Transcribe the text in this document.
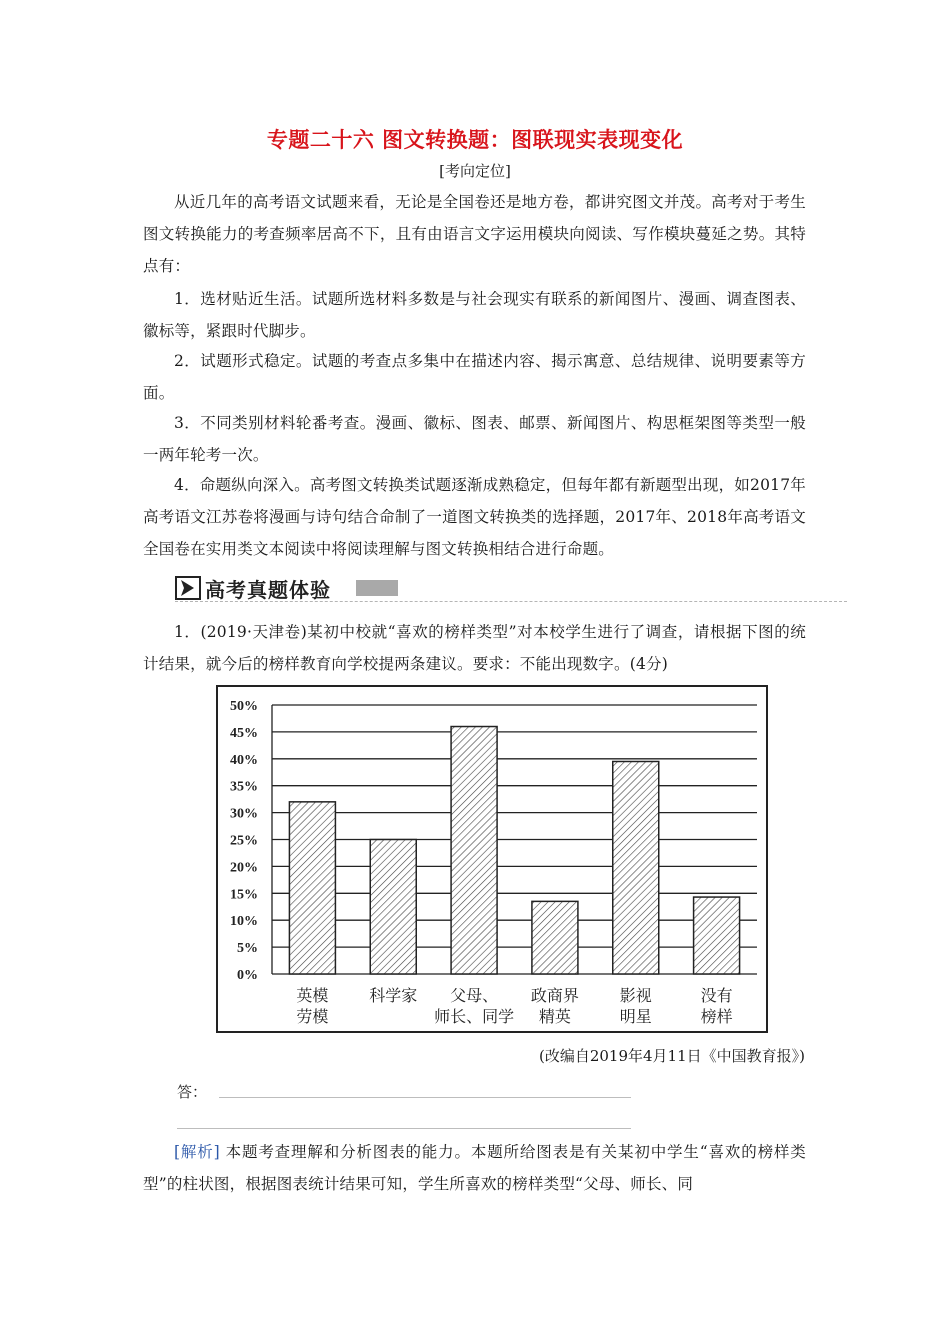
专题二十六 图文转换题：图联现实表现变化
[考向定位]

从近几年的高考语文试题来看，无论是全国卷还是地方卷，都讲究图文并茂。高考对于考生图文转换能力的考查频率居高不下，且有由语言文字运用模块向阅读、写作模块蔓延之势。其特点有：

1．选材贴近生活。试题所选材料多数是与社会现实有联系的新闻图片、漫画、调查图表、徽标等，紧跟时代脚步。

2．试题形式稳定。试题的考查点多集中在描述内容、揭示寓意、总结规律、说明要素等方面。

3．不同类别材料轮番考查。漫画、徽标、图表、邮票、新闻图片、构思框架图等类型一般一两年轮考一次。

4．命题纵向深入。高考图文转换类试题逐渐成熟稳定，但每年都有新题型出现，如2017年高考语文江苏卷将漫画与诗句结合命制了一道图文转换类的选择题，2017年、2018年高考语文全国卷在实用类文本阅读中将阅读理解与图文转换相结合进行命题。

高考真题体验

1．(2019·天津卷)某初中校就“喜欢的榜样类型”对本校学生进行了调查，请根据下图的统计结果，就今后的榜样教育向学校提两条建议。要求：不能出现数字。(4分)

0%
5%
10%
15%
20%
25%
30%
35%
40%
45%
50%
英模
劳模
科学家 父母、
师长、同学
政商界
精英
影视
明星
没有
榜样
(改编自2019年4月11日《中国教育报》)
答：

[解析] 本题考查理解和分析图表的能力。本题所给图表是有关某初中学生“喜欢的榜样类型”的柱状图，根据图表统计结果可知，学生所喜欢的榜样类型“父母、师长、同
